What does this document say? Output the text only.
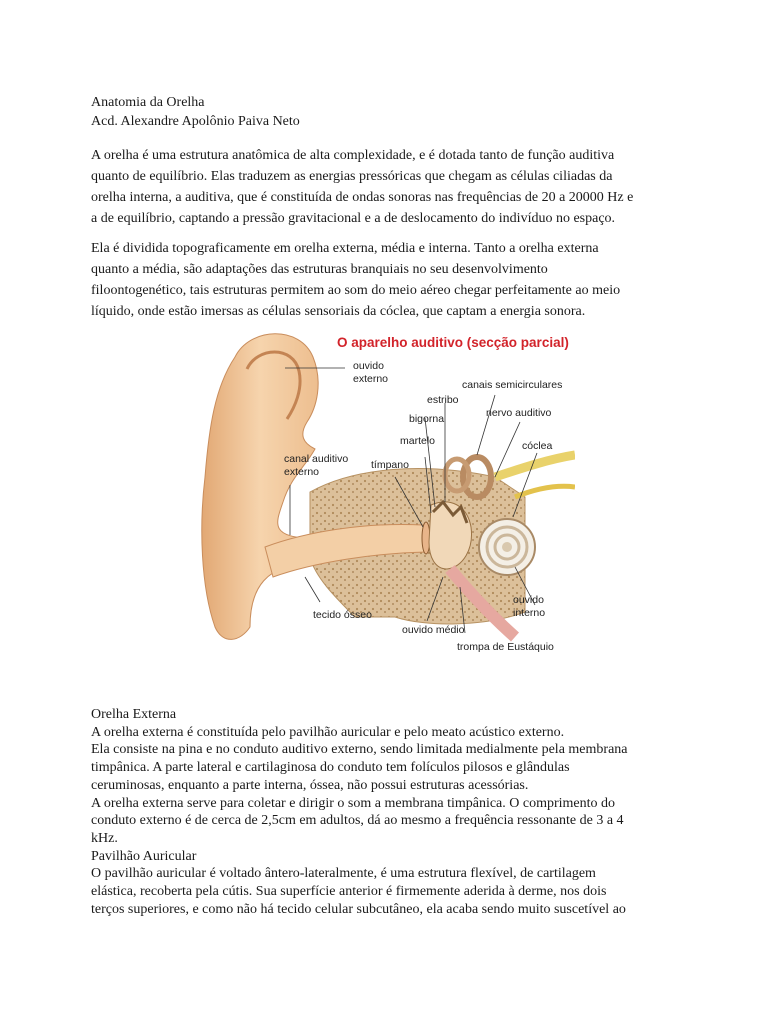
Anatomia da Orelha
Acd. Alexandre Apolônio Paiva Neto
A orelha é uma estrutura anatômica de alta complexidade, e é dotada tanto de função auditiva
quanto de equilíbrio. Elas traduzem as energias pressóricas que chegam as células ciliadas da
orelha interna, a auditiva, que é constituída de ondas sonoras nas frequências de 20 a 20000 Hz e
a de equilíbrio, captando a pressão gravitacional e a de deslocamento do indivíduo no espaço.
Ela é dividida topograficamente em orelha externa, média e interna. Tanto a orelha externa
quanto a média, são adaptações das estruturas branquiais no seu desenvolvimento
filoontogenético, tais estruturas permitem ao som do meio aéreo chegar perfeitamente ao meio
líquido, onde estão imersas as células sensoriais da cóclea, que captam a energia sonora.
O aparelho auditivo (secção parcial)
ouvido
externo	canais semicirculares
estribo
bigorna	nervo auditivo
martelo	cóclea
canal auditivo
externo
tímpano
ouvido
interno
tecido ósseo
ouvido médio
trompa de Eustáquio
Orelha Externa
A orelha externa é constituída pelo pavilhão auricular e pelo meato acústico externo.
Ela consiste na pina e no conduto auditivo externo, sendo limitada medialmente pela membrana
timpânica. A parte lateral e cartilaginosa do conduto tem folículos pilosos e glândulas
ceruminosas, enquanto a parte interna, óssea, não possui estruturas acessórias.
A orelha externa serve para coletar e dirigir o som a membrana timpânica. O comprimento do
conduto externo é de cerca de 2,5cm em adultos, dá ao mesmo a frequência ressonante de 3 a 4
kHz.
Pavilhão Auricular
O pavilhão auricular é voltado ântero-lateralmente, é uma estrutura flexível, de cartilagem
elástica, recoberta pela cútis. Sua superfície anterior é firmemente aderida à derme, nos dois
terços superiores, e como não há tecido celular subcutâneo, ela acaba sendo muito suscetível ao
